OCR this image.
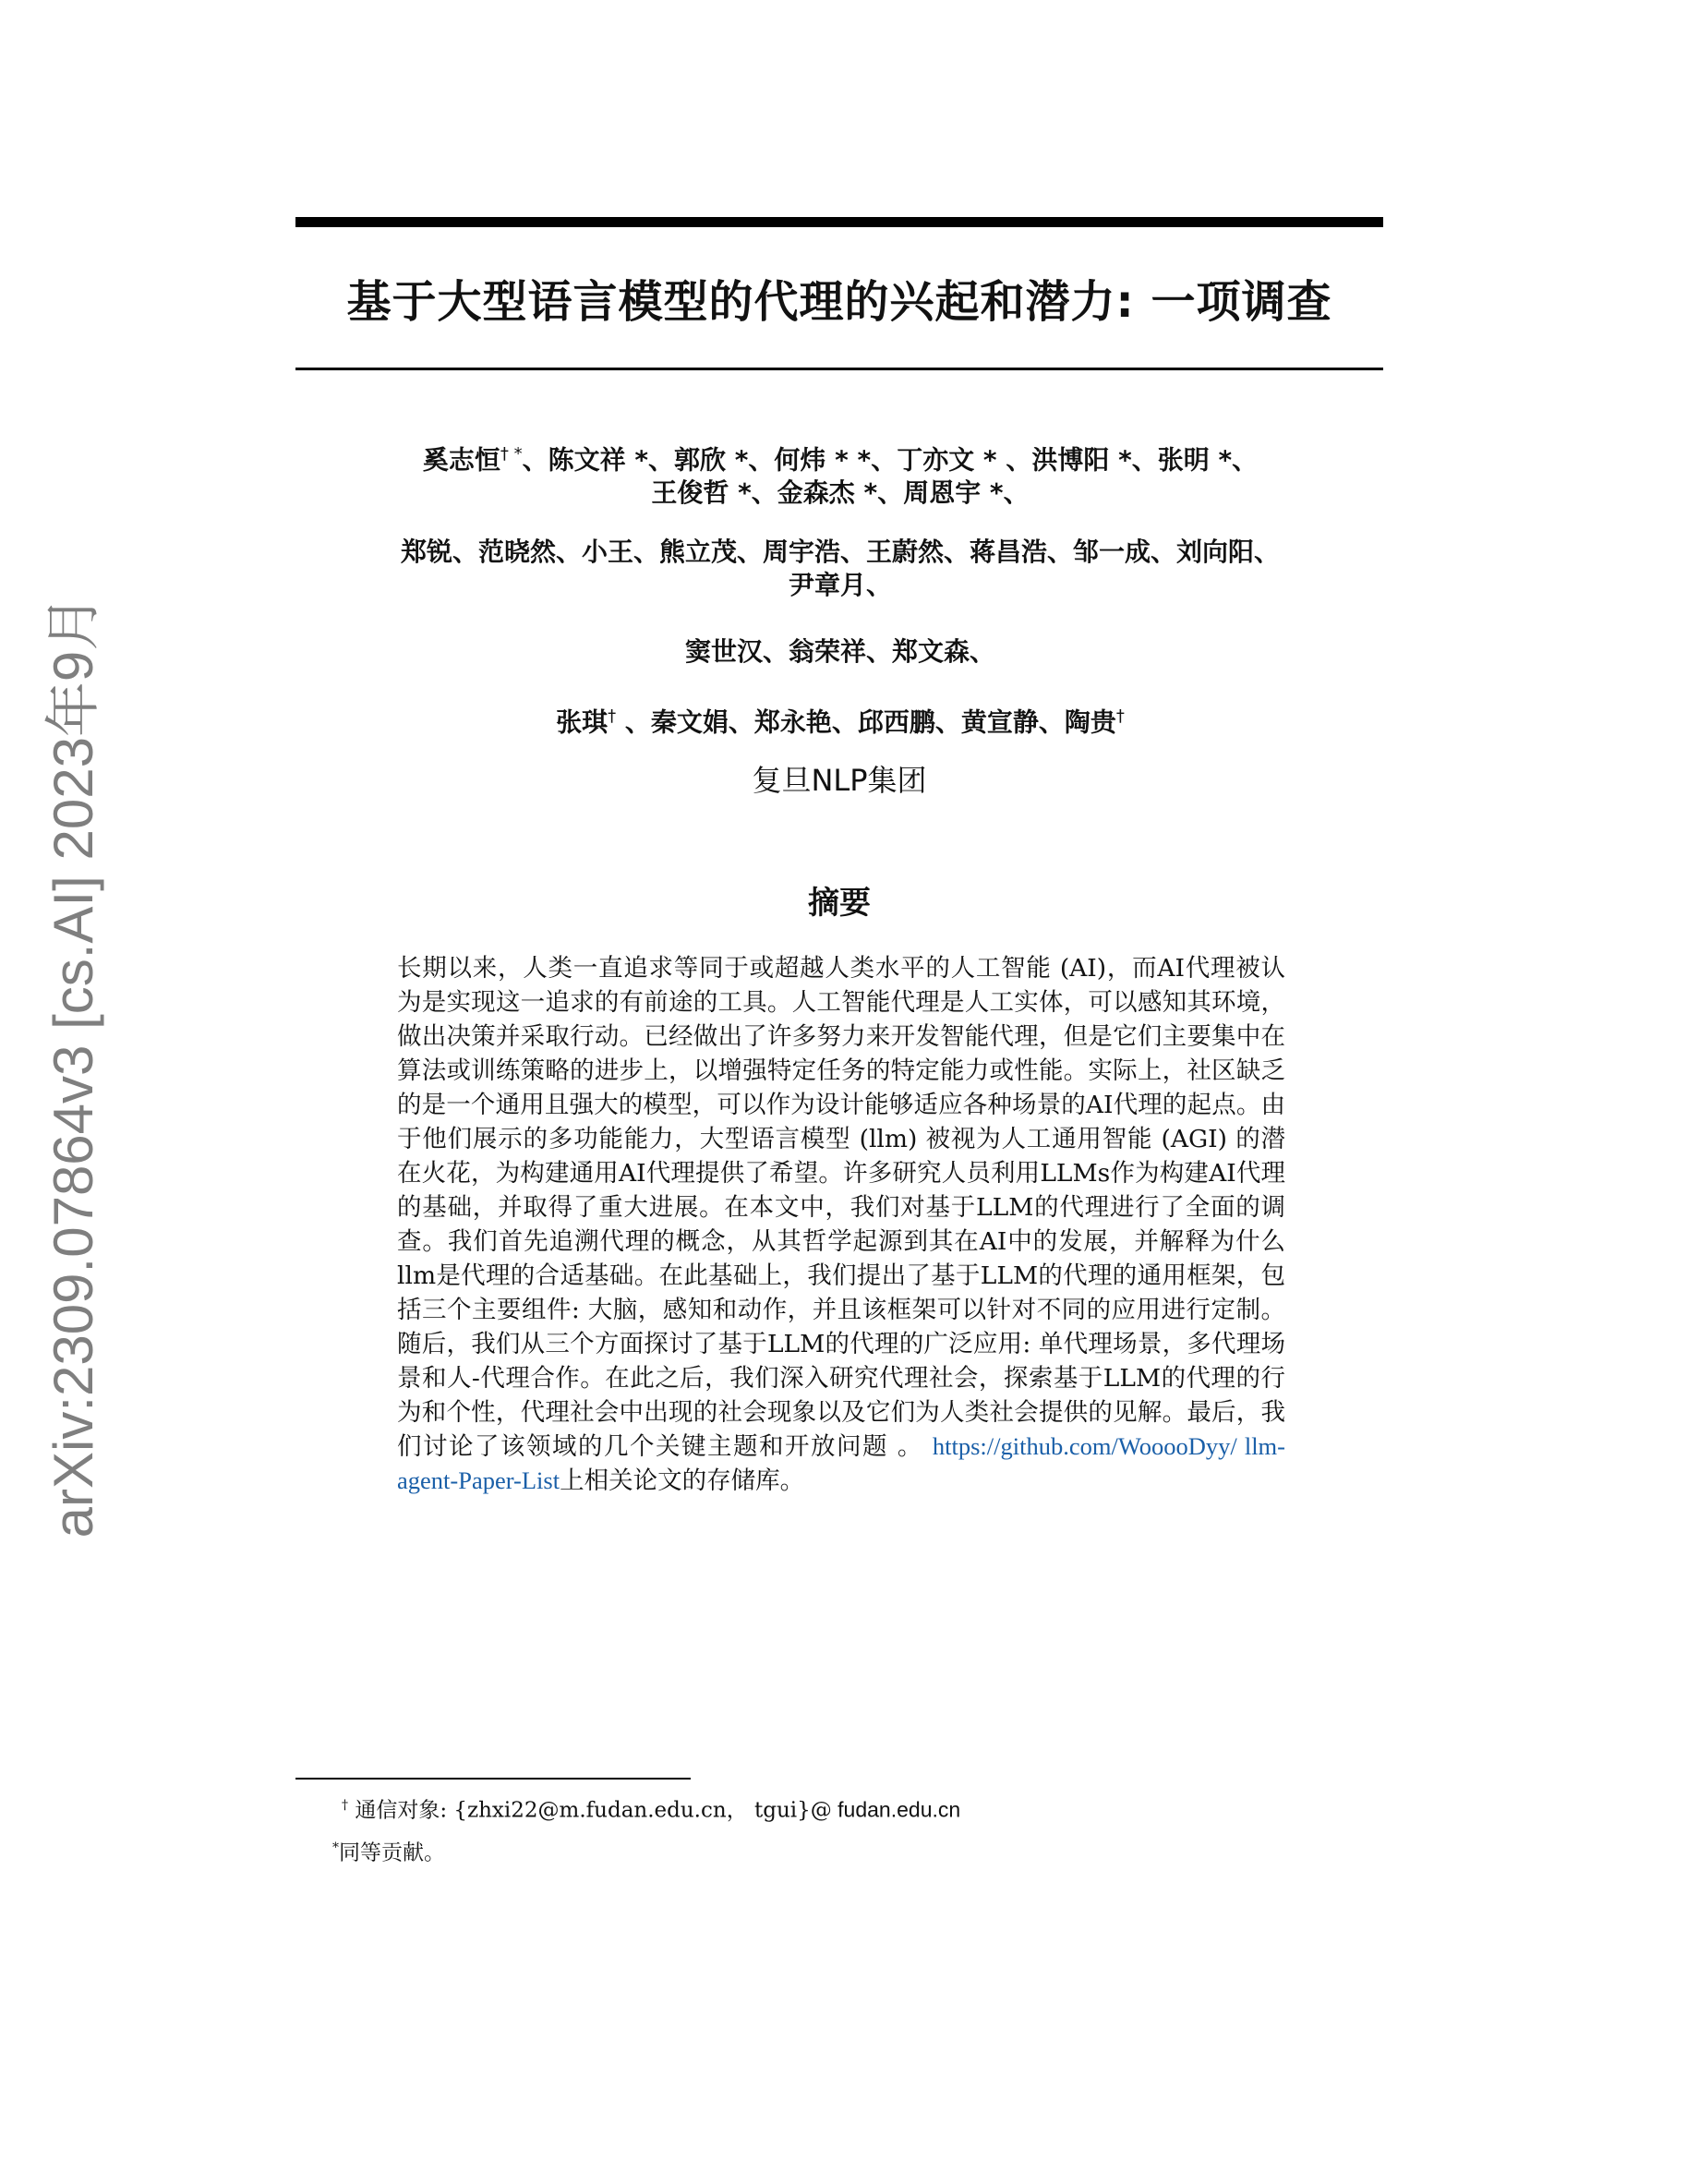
arXiv:2309.07864v3 [cs.AI] 2023年9月
基于大型语言模型的代理的兴起和潜力: 一项调查
奚志恒† *、陈文祥 *、郭欣 *、何炜 * *、丁亦文 * 、洪博阳 *、张明 *、
王俊哲 *、金森杰 *、周恩宇 *、
郑锐、范晓然、小王、熊立茂、周宇浩、王蔚然、蒋昌浩、邹一成、刘向阳、
尹章月、
窦世汉、翁荣祥、郑文森、
张琪† 、秦文娟、郑永艳、邱西鹏、黄宣静、陶贵†
复旦NLP集团
摘要

长期以来，人类一直追求等同于或超越人类水平的人工智能 (AI)，而AI代理被认为是实现这一追求的有前途的工具。人工智能代理是人工实体，可以感知其环境，做出决策并采取行动。已经做出了许多努力来开发智能代理，但是它们主要集中在算法或训练策略的进步上，以增强特定任务的特定能力或性能。实际上，社区缺乏的是一个通用且强大的模型，可以作为设计能够适应各种场景的AI代理的起点。由于他们展示的多功能能力，大型语言模型 (llm) 被视为人工通用智能 (AGI) 的潜在火花，为构建通用AI代理提供了希望。许多研究人员利用LLMs作为构建AI代理的基础，并取得了重大进展。在本文中，我们对基于LLM的代理进行了全面的调查。我们首先追溯代理的概念，从其哲学起源到其在AI中的发展，并解释为什么llm是代理的合适基础。在此基础上，我们提出了基于LLM的代理的通用框架，包括三个主要组件: 大脑，感知和动作，并且该框架可以针对不同的应用进行定制。随后，我们从三个方面探讨了基于LLM的代理的广泛应用: 单代理场景，多代理场景和人-代理合作。在此之后，我们深入研究代理社会，探索基于LLM的代理的行为和个性，代理社会中出现的社会现象以及它们为人类社会提供的见解。最后，我们讨论了该领域的几个关键主题和开放问题 。 https://github.com/WooooDyy/ llm-agent-Paper-List上相关论文的存储库。

† 通信对象: {zhxi22@m.fudan.edu.cn， tgui}@ fudan.edu.cn
*同等贡献。
